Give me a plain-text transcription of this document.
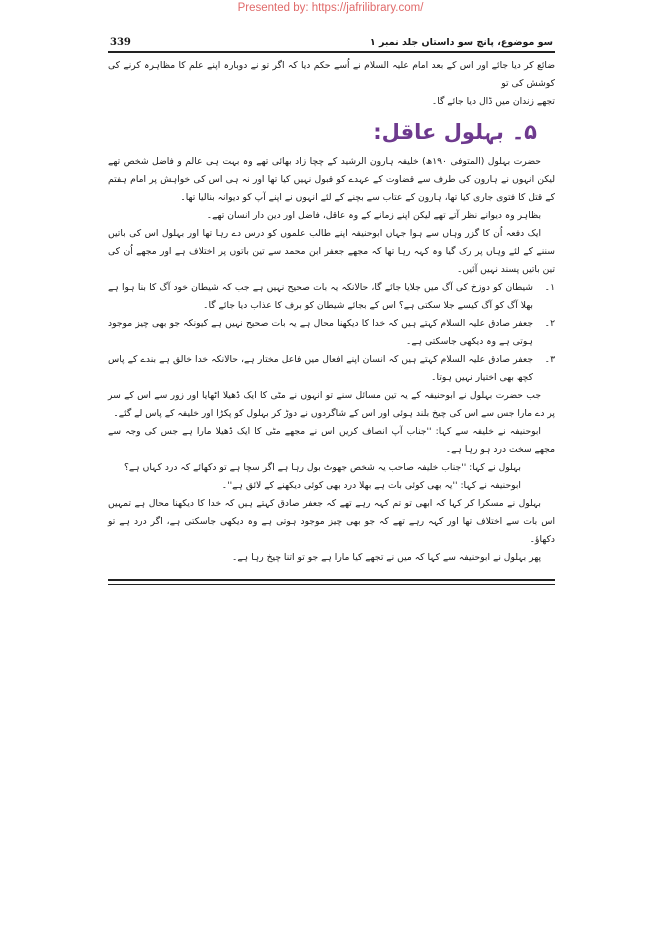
Presented by: https://jafrilibrary.com/
339	سو موضوع، پانچ سو داستاں جلد نمبر ۱

ضائع کر دیا جائے اور اس کے بعد امام علیہ السلام نے اُسے حکم دیا کہ اگر تو نے دوبارہ اپنے علم کا مظاہرہ کرنے کی کوشش کی تو

تجھے زندان میں ڈال دیا جائے گا۔

۵۔بہلول عاقل:

حضرت بہلول (المتوفی ۱۹۰ھ) خلیفہ ہارون الرشید کے چچا زاد بھائی تھے وہ بہت ہی عالم و فاضل شخص تھے لیکن انہوں نے ہارون کی طرف سے قضاوت کے عہدے کو قبول نہیں کیا تھا اور نہ ہی اس کی خواہش پر امام ہفتم کے قتل کا فتوی جاری کیا تھا، ہارون کے عتاب سے بچنے کے لئے انہوں نے اپنے آپ کو دیوانہ بنالیا تھا۔

بظاہر وہ دیوانے نظر آتے تھے لیکن اپنے زمانے کے وہ عاقل، فاضل اور دین دار انسان تھے۔

ایک دفعہ اُن کا گزر وہاں سے ہوا جہاں ابوحنیفہ اپنے طالب علموں کو درس دے رہا تھا اور بہلول اس کی باتیں سننے کے لئے وہاں پر رک گیا وہ کہہ رہا تھا کہ مجھے جعفر ابن محمد سے تین باتوں پر اختلاف ہے اور مجھے اُن کی تین باتیں پسند نہیں آئیں۔

۱۔
شیطان کو دوزخ کی آگ میں جلایا جائے گا، حالانکہ یہ بات صحیح نہیں ہے جب کہ شیطان خود آگ کا بنا ہوا ہے بھلا آگ کو آگ کیسے جلا سکتی ہے؟ اس کے بجائے شیطان کو برف کا عذاب دیا جائے گا۔
۲۔
جعفر صادق علیہ السلام کہتے ہیں کہ خدا کا دیکھنا محال ہے یہ بات صحیح نہیں ہے کیونکہ جو بھی چیز موجود ہوتی ہے وہ دیکھی جاسکتی ہے۔
۳۔
جعفر صادق علیہ السلام کہتے ہیں کہ انسان اپنے افعال میں فاعل مختار ہے، حالانکہ خدا خالق ہے بندے کے پاس کچھ بھی اختیار نہیں ہوتا۔

جب حضرت بہلول نے ابوحنیفہ کے یہ تین مسائل سنے تو انہوں نے مٹی کا ایک ڈھیلا اٹھایا اور زور سے اس کے سر پر دے مارا جس سے اس کی چیخ بلند ہوئی اور اس کے شاگردوں نے دوڑ کر بہلول کو پکڑا اور خلیفہ کے پاس لے گئے۔

ابوحنیفہ نے خلیفہ سے کہا: ''جناب آپ انصاف کریں اس نے مجھے مٹی کا ایک ڈھیلا مارا ہے جس کی وجہ سے مجھے سخت درد ہو رہا ہے۔

بہلول نے کہا: ''جناب خلیفہ صاحب یہ شخص جھوٹ بول رہا ہے اگر سچا ہے تو دکھائے کہ درد کہاں ہے؟

ابوحنیفہ نے کہا: ''یہ بھی کوئی بات ہے بھلا درد بھی کوئی دیکھنے کے لائق ہے''۔

بہلول نے مسکرا کر کہا کہ ابھی تو تم کہہ رہے تھے کہ جعفر صادق کہتے ہیں کہ خدا کا دیکھنا محال ہے تمہیں اس بات سے اختلاف تھا اور کہہ رہے تھے کہ جو بھی چیز موجود ہوتی ہے وہ دیکھی جاسکتی ہے، اگر درد ہے تو دکھاؤ۔

پھر بہلول نے ابوحنیفہ سے کہا کہ میں نے تجھے کیا مارا ہے جو تو اتنا چیخ رہا ہے۔
